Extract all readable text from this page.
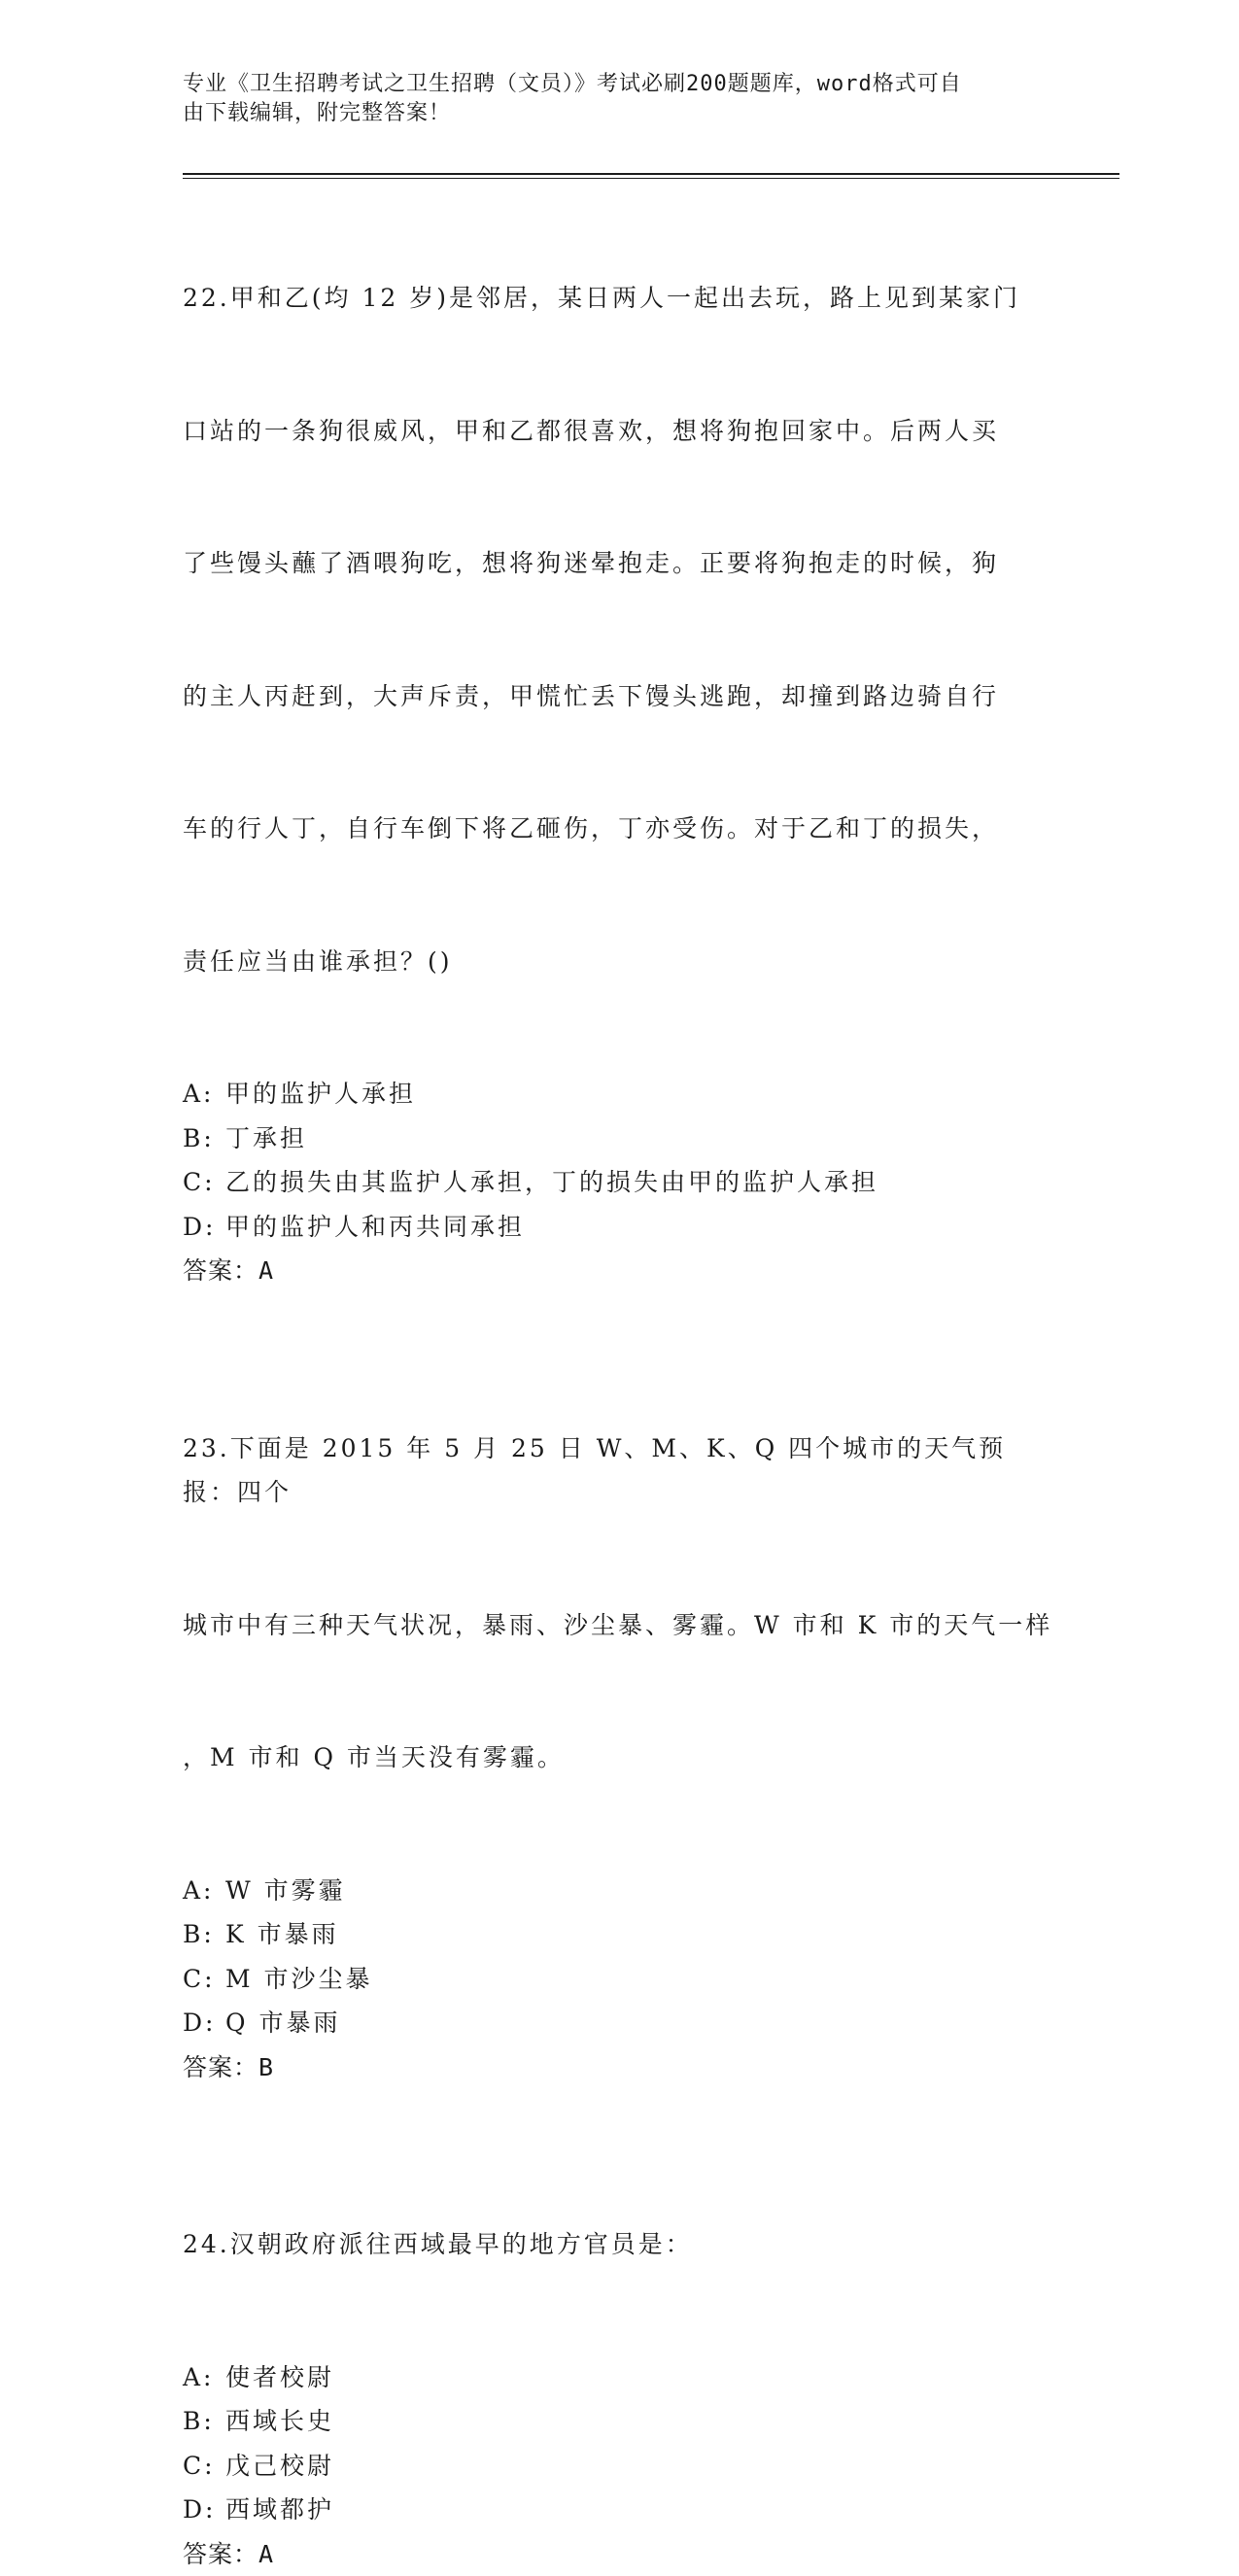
专业《卫生招聘考试之卫生招聘（文员）》考试必刷200题题库，word格式可自
由下载编辑，附完整答案！

22.甲和乙(均 12 岁)是邻居，某日两人一起出去玩，路上见到某家门

口站的一条狗很威风，甲和乙都很喜欢，想将狗抱回家中。后两人买

了些馒头蘸了酒喂狗吃，想将狗迷晕抱走。正要将狗抱走的时候，狗

的主人丙赶到，大声斥责，甲慌忙丢下馒头逃跑，却撞到路边骑自行

车的行人丁，自行车倒下将乙砸伤，丁亦受伤。对于乙和丁的损失，

责任应当由谁承担？()

A: 甲的监护人承担
B: 丁承担
C: 乙的损失由其监护人承担，丁的损失由甲的监护人承担
D: 甲的监护人和丙共同承担
答案：A

23.下面是 2015 年 5 月 25 日 W、M、K、Q 四个城市的天气预报：四个

城市中有三种天气状况，暴雨、沙尘暴、雾霾。W 市和 K 市的天气一样

，M 市和 Q 市当天没有雾霾。

A: W 市雾霾
B: K 市暴雨
C: M 市沙尘暴
D: Q 市暴雨
答案：B

24.汉朝政府派往西域最早的地方官员是：

A: 使者校尉
B: 西域长史
C: 戊己校尉
D: 西域都护
答案：A
